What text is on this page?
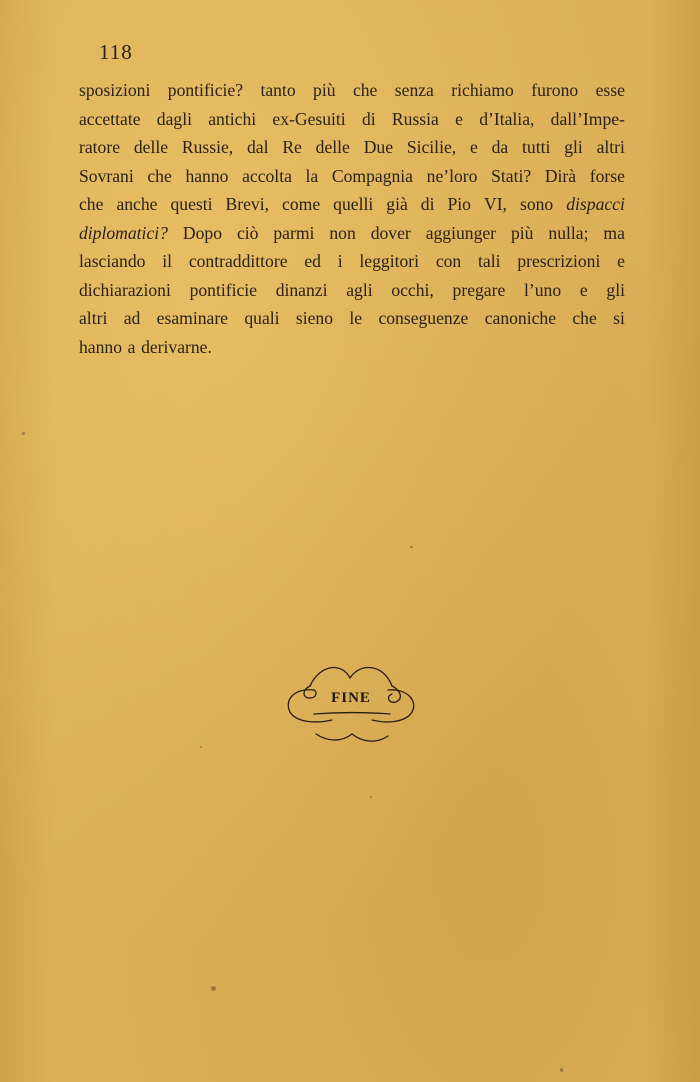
118
sposizioni pontificie? tanto più che senza richiamo furono esse
accettate dagli antichi ex-Gesuiti di Russia e d’Italia, dall’Impe-
ratore delle Russie, dal Re delle Due Sicilie, e da tutti gli altri
Sovrani che hanno accolta la Compagnia ne’loro Stati? Dirà forse
che anche questi Brevi, come quelli già di Pio VI, sono dispacci
diplomatici? Dopo ciò parmi non dover aggiunger più nulla; ma
lasciando il contraddittore ed i leggitori con tali prescrizioni e
dichiarazioni pontificie dinanzi agli occhi, pregare l’uno e gli
altri ad esaminare quali sieno le conseguenze canoniche che si
hanno a derivarne.
FINE
